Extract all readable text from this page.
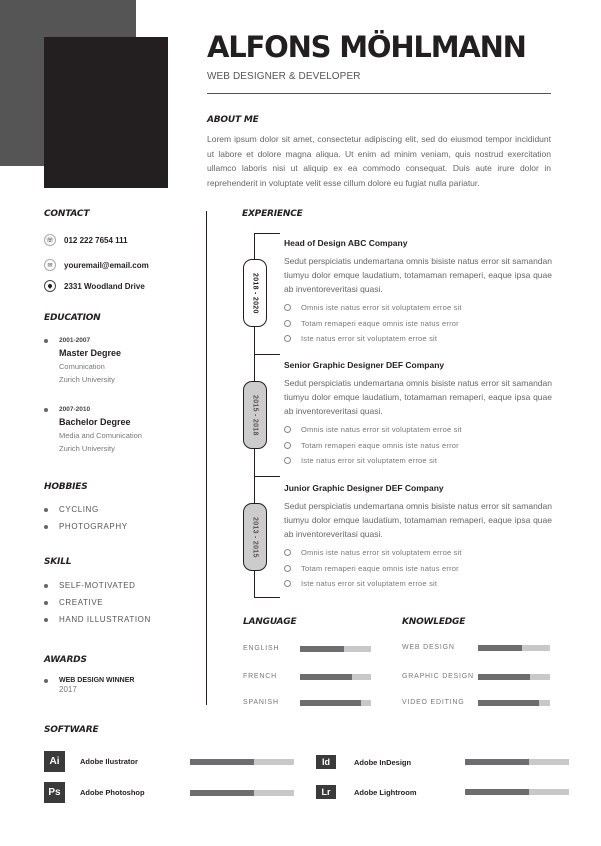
ALFONS MÖHLMANN
WEB DESIGNER & DEVELOPER
ABOUT ME
Lorem ipsum dolor sit amet, consectetur adipiscing elit, sed do eiusmod tempor incididunt ut labore et dolore magna aliqua. Ut enim ad minim veniam, quis nostrud exercitation ullamco laboris nisi ut aliquip ex ea commodo consequat. Duis aute irure dolor in reprehenderit in voluptate velit esse cillum dolore eu fugiat nulla pariatur.
CONTACT
☏ 012 222 7654 111
✉	youremail@email.com
2331 Woodland Drive
EDUCATION
2001-2007
Master Degree
Comunication
Zurich University
2007-2010
Bachelor Degree
Media and Comunication
Zurich University
HOBBIES
CYCLING
PHOTOGRAPHY
SKILL
SELF-MOTIVATED
CREATIVE
HAND ILLUSTRATION
AWARDS
WEB DESIGN WINNER
2017
EXPERIENCE
2018 - 2020
2015 - 2018
2013 - 2015
Head of Design ABC Company
Sedut perspiciatis undemartana omnis bisiste natus error sit samandan tiumyu dolor emque laudatium, totamaman remaperi, eaque ipsa quae ab inventoreveritasi quasi.
Omnis iste natus error sit voluptatem erroe sit
Totam remaperi eaque omnis iste natus error
Iste natus error sit voluptatem erroe sit
Senior Graphic Designer DEF Company
Sedut perspiciatis undemartana omnis bisiste natus error sit samandan tiumyu dolor emque laudatium, totamaman remaperi, eaque ipsa quae ab inventoreveritasi quasi.
Omnis iste natus error sit voluptatem erroe sit
Totam remaperi eaque omnis iste natus error
Iste natus error sit voluptatem erroe sit
Junior Graphic Designer DEF Company
Sedut perspiciatis undemartana omnis bisiste natus error sit samandan tiumyu dolor emque laudatium, totamaman remaperi, eaque ipsa quae ab inventoreveritasi quasi.
Omnis iste natus error sit voluptatem erroe sit
Totam remaperi eaque omnis iste natus error
Iste natus error sit voluptatem erroe sit
LANGUAGE
ENGLISH
FRENCH
SPANISH
KNOWLEDGE
WEB DESIGN
GRAPHIC DESIGN
VIDEO EDITING
SOFTWARE
Ai	Adobe Ilustrator
Ps	Adobe Photoshop
Id	Adobe InDesign
Lr	Adobe Lightroom
